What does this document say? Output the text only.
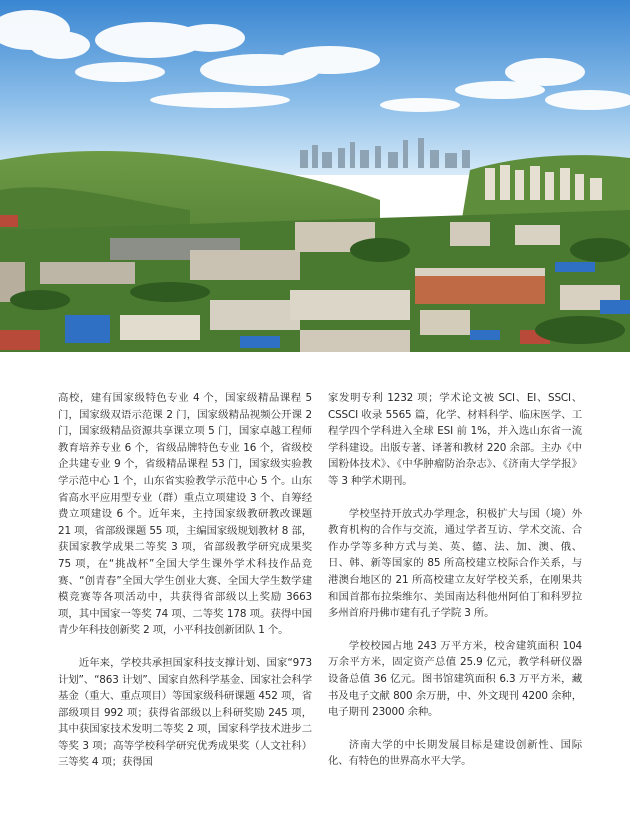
高校，建有国家级特色专业 4 个，国家级精品课程 5 门，国家级双语示范课 2 门，国家级精品视频公开课 2 门，国家级精品资源共享课立项 5 门，国家卓越工程师教育培养专业 6 个，省级品牌特色专业 16 个，省级校企共建专业 9 个，省级精品课程 53 门，国家级实验教学示范中心 1 个，山东省实验教学示范中心 5 个。山东省高水平应用型专业（群）重点立项建设 3 个、自筹经费立项建设 6 个。近年来，主持国家级教研教改课题 21 项，省部级课题 55 项，主编国家级规划教材 8 部，获国家教学成果二等奖 3 项，省部级教学研究成果奖 75 项，在“挑战杯”全国大学生课外学术科技作品竞赛、“创青春”全国大学生创业大赛、全国大学生数学建模竞赛等各项活动中，共获得省部级以上奖励 3663 项，其中国家一等奖 74 项、二等奖 178 项。获得中国青少年科技创新奖 2 项，小平科技创新团队 1 个。

近年来，学校共承担国家科技支撑计划、国家“973 计划”、“863 计划”、国家自然科学基金、国家社会科学基金（重大、重点项目）等国家级科研课题 452 项，省部级项目 992 项；获得省部级以上科研奖励 245 项，其中获国家技术发明二等奖 2 项，国家科学技术进步二等奖 3 项；高等学校科学研究优秀成果奖（人文社科）三等奖 4 项；获得国

家发明专利 1232 项；学术论文被 SCI、EI、SSCI、CSSCI 收录 5565 篇，化学、材料科学、临床医学、工程学四个学科进入全球 ESI 前 1%，并入选山东省一流学科建设。出版专著、译著和教材 220 余部。主办《中国粉体技术》、《中华肿瘤防治杂志》、《济南大学学报》等 3 种学术期刊。

学校坚持开放式办学理念，积极扩大与国（境）外教育机构的合作与交流，通过学者互访、学术交流、合作办学等多种方式与美、英、德、法、加、澳、俄、日、韩、新等国家的 85 所高校建立校际合作关系，与港澳台地区的 21 所高校建立友好学校关系，在刚果共和国首都布拉柴维尔、美国南达科他州阿伯丁和科罗拉多州首府丹佛市建有孔子学院 3 所。

学校校园占地 243 万平方米，校舍建筑面积 104 万余平方米，固定资产总值 25.9 亿元，教学科研仪器设备总值 36 亿元。图书馆建筑面积 6.3 万平方米，藏书及电子文献 800 余万册，中、外文现刊 4200 余种，电子期刊 23000 余种。

济南大学的中长期发展目标是建设创新性、国际化、有特色的世界高水平大学。
